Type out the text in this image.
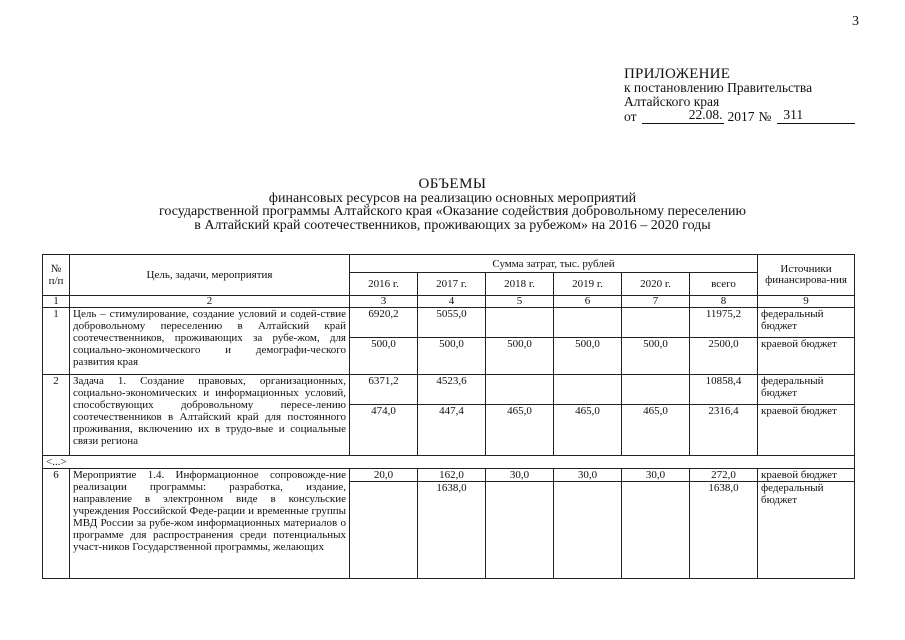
3
ПРИЛОЖЕНИЕ
к постановлению Правительства
Алтайского края
от	22.08. 2017 № 311
ОБЪЕМЫ
финансовых ресурсов на реализацию основных мероприятий
государственной программы Алтайского края «Оказание содействия добровольному переселению
в Алтайский край соотечественников, проживающих за рубежом» на 2016 – 2020 годы
№
п/п	Цель, задачи, мероприятия	Сумма затрат, тыс. рублей						Источники финансирова-ния
		2016 г.	2017 г.	2018 г.	2019 г.	2020 г.	всего	
1	2	3	4	5	6	7	8	9
1	Цель – стимулирование, создание условий и содей-ствие добровольному переселению в Алтайский край соотечественников, проживающих за рубе-жом, для социально-экономического и демографи-ческого развития края	6920,2	5055,0				11975,2	федеральный бюджет
		500,0	500,0	500,0	500,0	500,0	2500,0	краевой бюджет
2	Задача 1. Создание правовых, организационных, социально-экономических и информационных условий, способствующих добровольному пересе-лению соотечественников в Алтайский край для постоянного проживания, включению их в трудо-вые и социальные связи региона	6371,2	4523,6				10858,4	федеральный бюджет
		474,0	447,4	465,0	465,0	465,0	2316,4	краевой бюджет
<...>								
6	Мероприятие 1.4. Информационное сопровожде-ние реализации программы: разработка, издание, направление в электронном виде в консульские учреждения Российской Феде-рации и временные группы МВД России за рубе-жом информационных материалов о программе для распространения среди потенциальных участ-ников Государственной программы, желающих	20,0	162,0	30,0	30,0	30,0	272,0	краевой бюджет
			1638,0				1638,0	федеральный бюджет
